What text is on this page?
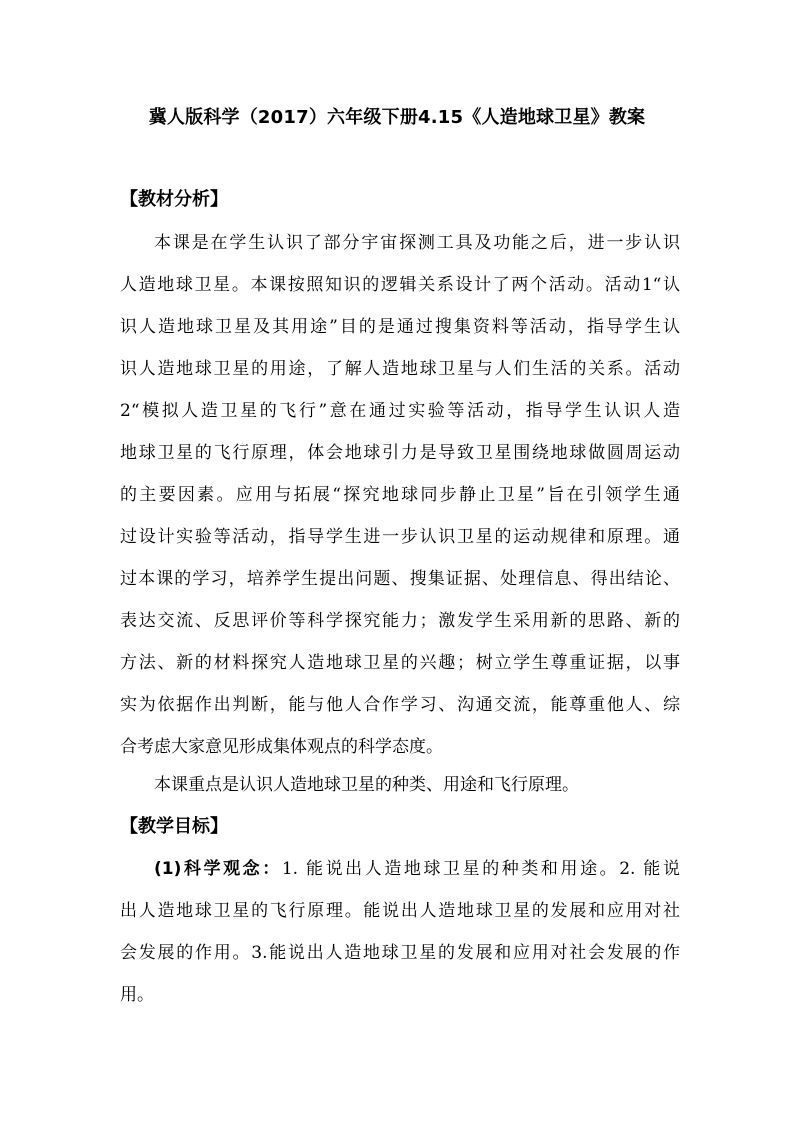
冀人版科学（2017）六年级下册4.15《人造地球卫星》教案
【教材分析】
本课是在学生认识了部分宇宙探测工具及功能之后，进一步认识
人造地球卫星。本课按照知识的逻辑关系设计了两个活动。活动1“认
识人造地球卫星及其用途”目的是通过搜集资料等活动，指导学生认
识人造地球卫星的用途，了解人造地球卫星与人们生活的关系。活动
2“模拟人造卫星的飞行”意在通过实验等活动，指导学生认识人造
地球卫星的飞行原理，体会地球引力是导致卫星围绕地球做圆周运动
的主要因素。应用与拓展“探究地球同步静止卫星”旨在引领学生通
过设计实验等活动，指导学生进一步认识卫星的运动规律和原理。通
过本课的学习，培养学生提出问题、搜集证据、处理信息、得出结论、
表达交流、反思评价等科学探究能力；激发学生采用新的思路、新的
方法、新的材料探究人造地球卫星的兴趣；树立学生尊重证据，以事
实为依据作出判断，能与他人合作学习、沟通交流，能尊重他人、综
合考虑大家意见形成集体观点的科学态度。
本课重点是认识人造地球卫星的种类、用途和飞行原理。
【教学目标】
(1)科学观念：1. 能说出人造地球卫星的种类和用途。2. 能说
出人造地球卫星的飞行原理。能说出人造地球卫星的发展和应用对社
会发展的作用。3.能说出人造地球卫星的发展和应用对社会发展的作
用。
